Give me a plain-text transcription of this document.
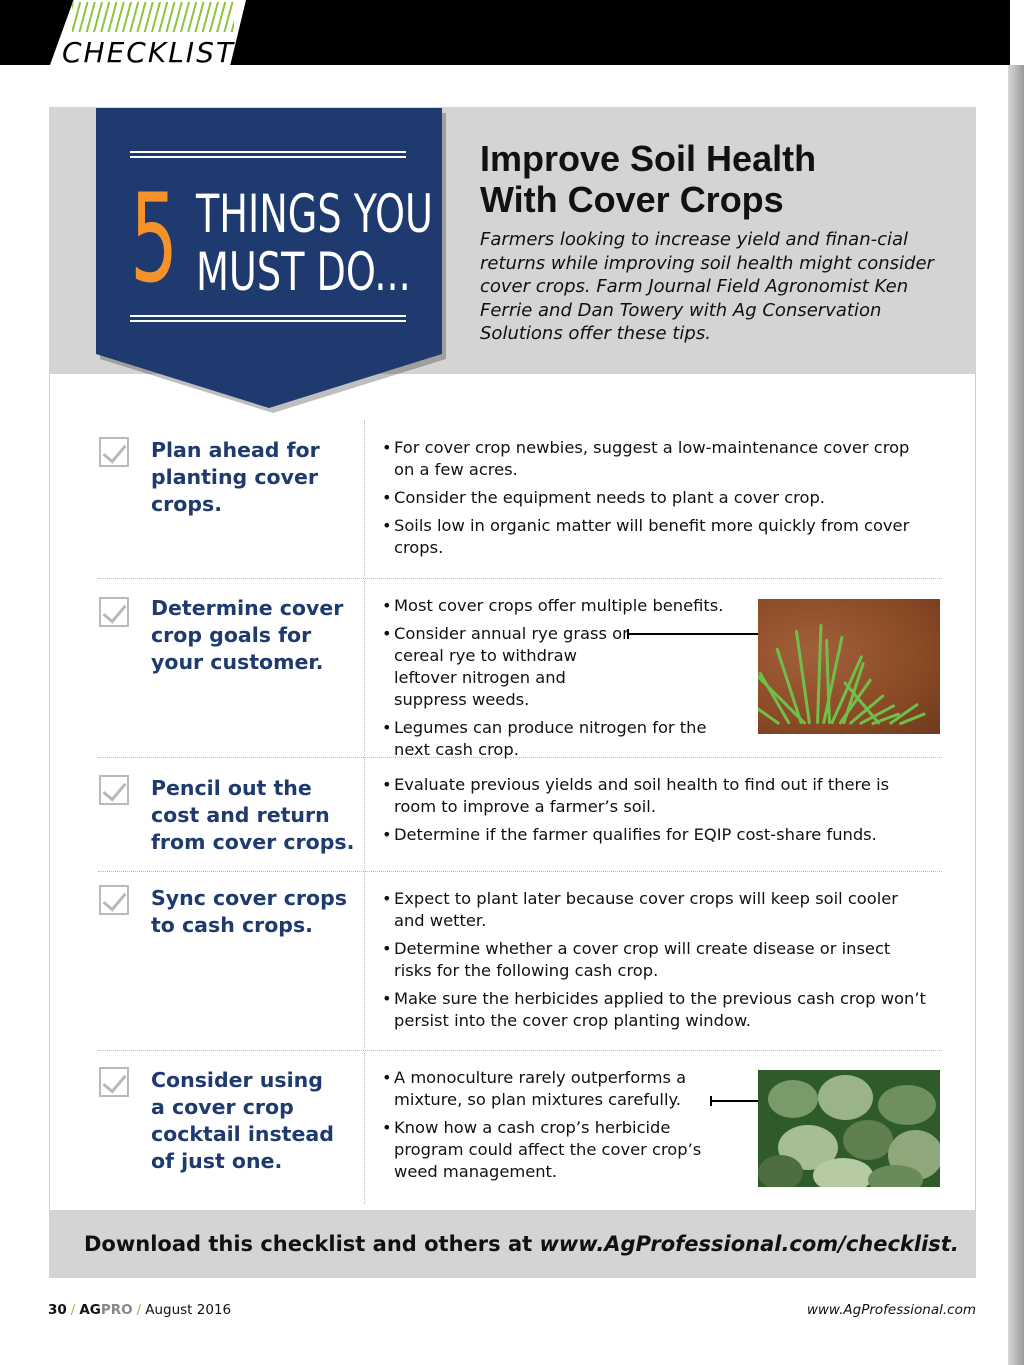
CHECKLIST
5 THINGS YOU
MUST DO...
Improve Soil Health
With Cover Crops
Farmers looking to increase yield and finan-cial returns while improving soil health might consider cover crops. Farm Journal Field Agronomist Ken Ferrie and Dan Towery with Ag Conservation Solutions offer these tips.
Plan ahead for planting cover crops.
• For cover crop newbies, suggest a low-maintenance cover crop on a few acres.
• Consider the equipment needs to plant a cover crop.
• Soils low in organic matter will benefit more quickly from cover crops.
Determine cover crop goals for your customer.
• Most cover crops offer multiple benefits.
• Consider annual rye grass or cereal rye to withdraw leftover nitrogen and suppress weeds.
• Legumes can produce nitrogen for the next cash crop.
Pencil out the cost and return from cover crops.
• Evaluate previous yields and soil health to find out if there is room to improve a farmer’s soil.
• Determine if the farmer qualifies for EQIP cost-share funds.
Sync cover crops to cash crops.
• Expect to plant later because cover crops will keep soil cooler and wetter.
• Determine whether a cover crop will create disease or insect risks for the following cash crop.
• Make sure the herbicides applied to the previous cash crop won’t persist into the cover crop planting window.
Consider using a cover crop cocktail instead of just one.
• A monoculture rarely outperforms a mixture, so plan mixtures carefully.
• Know how a cash crop’s herbicide program could affect the cover crop’s weed management.
Download this checklist and others at www.AgProfessional.com/checklist.
30 / AGPRO / August 2016	www.AgProfessional.com
